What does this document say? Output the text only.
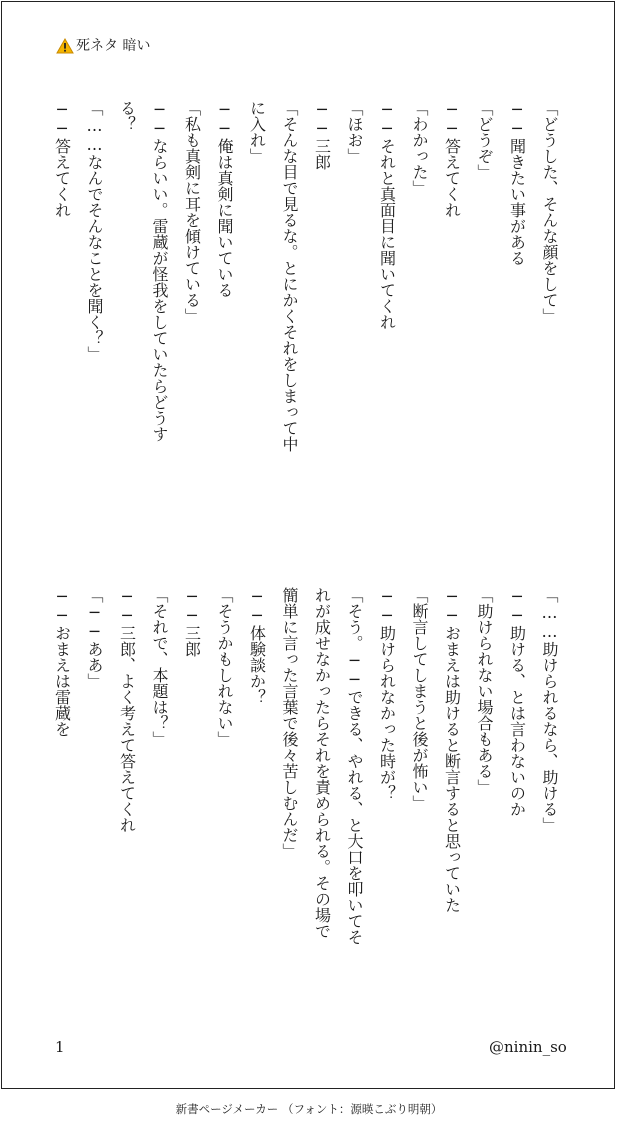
死ネタ 暗い
「どうした、そんな顔をして」
──聞きたい事がある
「どうぞ」
──答えてくれ
「わかった」
──それと真面目に聞いてくれ
「ほお」
──三郎
「そんな目で見るな。とにかくそれをしまって中
に入れ」
──俺は真剣に聞いている
「私も真剣に耳を傾けている」
──ならいい。雷蔵が怪我をしていたらどうす
る？
「……なんでそんなことを聞く？」
──答えてくれ
「……助けられるなら、助ける」
──助ける、とは言わないのか
「助けられない場合もある」
──おまえは助けると断言すると思っていた
「断言してしまうと後が怖い」
──助けられなかった時が？
「そう。──できる、やれる、と大口を叩いてそ
れが成せなかったらそれを責められる。その場で
簡単に言った言葉で後々苦しむんだ」
──体験談か？
「そうかもしれない」
──三郎
「それで、本題は？」
──三郎、よく考えて答えてくれ
「──ああ」
──おまえは雷蔵を
1	@ninin_so
新書ページメーカー （フォント：源暎こぶり明朝）
